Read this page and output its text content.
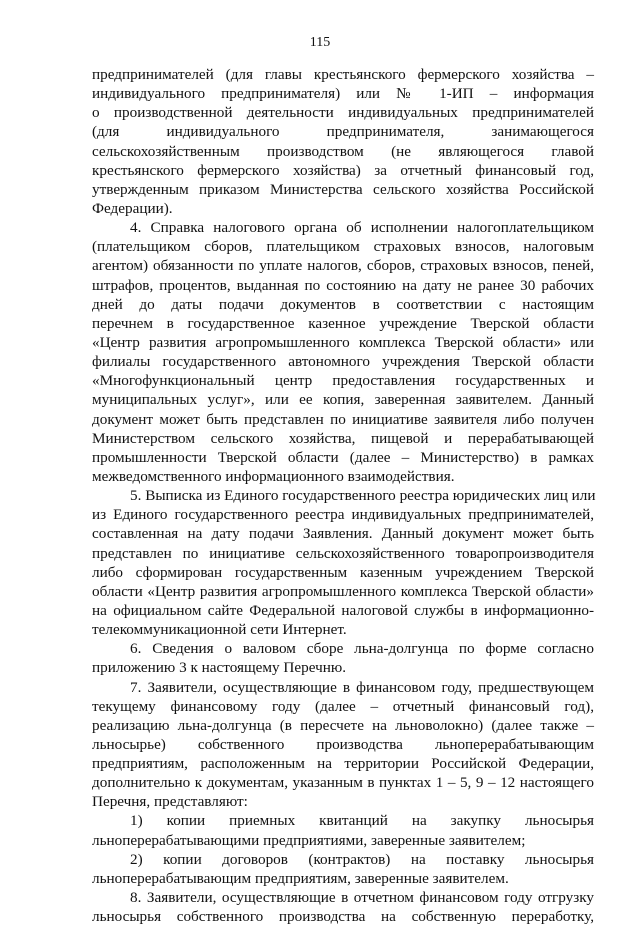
115
предпринимателей (для главы крестьянского фермерского хозяйства –
индивидуального предпринимателя) или № 1-ИП – информация
о производственной деятельности индивидуальных предпринимателей
(для индивидуального предпринимателя, занимающегося
сельскохозяйственным производством (не являющегося главой
крестьянского фермерского хозяйства) за отчетный финансовый год,
утвержденным приказом Министерства сельского хозяйства Российской
Федерации).
4. Справка налогового органа об исполнении налогоплательщиком
(плательщиком сборов, плательщиком страховых взносов, налоговым
агентом) обязанности по уплате налогов, сборов, страховых взносов, пеней,
штрафов, процентов, выданная по состоянию на дату не ранее 30 рабочих
дней до даты подачи документов в соответствии с настоящим
перечнем в государственное казенное учреждение Тверской области
«Центр развития агропромышленного комплекса Тверской области» или
филиалы государственного автономного учреждения Тверской области
«Многофункциональный центр предоставления государственных и
муниципальных услуг», или ее копия, заверенная заявителем. Данный
документ может быть представлен по инициативе заявителя либо получен
Министерством сельского хозяйства, пищевой и перерабатывающей
промышленности Тверской области (далее – Министерство) в рамках
межведомственного информационного взаимодействия.
5. Выписка из Единого государственного реестра юридических лиц или
из Единого государственного реестра индивидуальных предпринимателей,
составленная на дату подачи Заявления. Данный документ может быть
представлен по инициативе сельскохозяйственного товаропроизводителя
либо сформирован государственным казенным учреждением Тверской
области «Центр развития агропромышленного комплекса Тверской области»
на официальном сайте Федеральной налоговой службы в информационно-
телекоммуникационной сети Интернет.
6. Сведения о валовом сборе льна-долгунца по форме согласно
приложению 3 к настоящему Перечню.
7. Заявители, осуществляющие в финансовом году, предшествующем
текущему финансовому году (далее – отчетный финансовый год),
реализацию льна-долгунца (в пересчете на льноволокно) (далее также –
льносырье) собственного производства льноперерабатывающим
предприятиям, расположенным на территории Российской Федерации,
дополнительно к документам, указанным в пунктах 1 – 5, 9 – 12 настоящего
Перечня, представляют:
1) копии приемных квитанций на закупку льносырья
льноперерабатывающими предприятиями, заверенные заявителем;
2) копии договоров (контрактов) на поставку льносырья
льноперерабатывающим предприятиям, заверенные заявителем.
8. Заявители, осуществляющие в отчетном финансовом году отгрузку
льносырья собственного производства на собственную переработку,
